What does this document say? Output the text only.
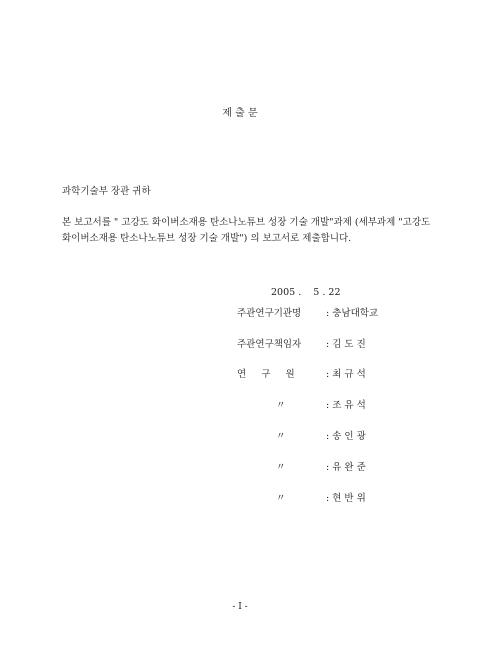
제 출 문
과학기술부 장관 귀하
본 보고서를 " 고강도 화이버소재용 탄소나노튜브 성장 기술 개발"과제 (세부과제 "고강도
화이버소재용 탄소나노튜브 성장 기술 개발") 의 보고서로 제출합니다.
2005 .    5 . 22
주관연구기관명	: 충남대학교
주관연구책임자	: 김 도 진
연     구     원	: 최 규 석
〃	: 조 유 석
〃	: 송 인 광
〃	: 유 완 준
〃	: 현 반 위
- I -
